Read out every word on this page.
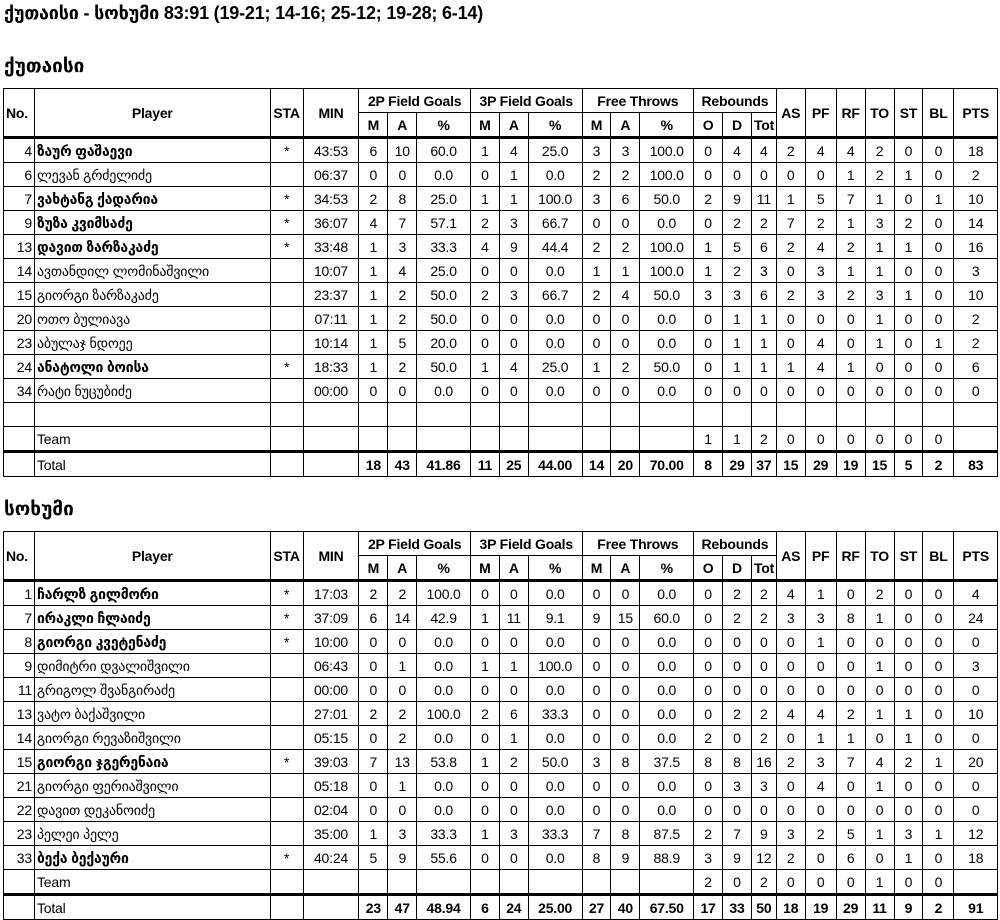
ქუთაისი - სოხუმი 83:91 (19-21; 14-16; 25-12; 19-28; 6-14)
ქუთაისი
No.	Player	STA	MIN	2P Field Goals			3P Field Goals			Free Throws			Rebounds			AS	PF	RF	TO	ST	BL	PTS
				M	A	%	M	A	%	M	A	%	O	D	Tot							
4	ზაურ ფაშაევი	*	43:53	6	10	60.0	1	4	25.0	3	3	100.0	0	4	4	2	4	4	2	0	0	18
6	ლევან გრძელიძე		06:37	0	0	0.0	0	1	0.0	2	2	100.0	0	0	0	0	0	1	2	1	0	2
7	ვახტანგ ქადარია	*	34:53	2	8	25.0	1	1	100.0	3	6	50.0	2	9	11	1	5	7	1	0	1	10
9	ზუზა კვიმსაძე	*	36:07	4	7	57.1	2	3	66.7	0	0	0.0	0	2	2	7	2	1	3	2	0	14
13	დავით ზარზაკაძე	*	33:48	1	3	33.3	4	9	44.4	2	2	100.0	1	5	6	2	4	2	1	1	0	16
14	ავთანდილ ლომინაშვილი		10:07	1	4	25.0	0	0	0.0	1	1	100.0	1	2	3	0	3	1	1	0	0	3
15	გიორგი ზარზაკაძე		23:37	1	2	50.0	2	3	66.7	2	4	50.0	3	3	6	2	3	2	3	1	0	10
20	ოთო ბულიავა		07:11	1	2	50.0	0	0	0.0	0	0	0.0	0	1	1	0	0	0	1	0	0	2
23	აბულაჯ ნდოეე		10:14	1	5	20.0	0	0	0.0	0	0	0.0	0	1	1	0	4	0	1	0	1	2
24	ანატოლი ბოისა	*	18:33	1	2	50.0	1	4	25.0	1	2	50.0	0	1	1	1	4	1	0	0	0	6
34	რატი ნუცუბიძე		00:00	0	0	0.0	0	0	0.0	0	0	0.0	0	0	0	0	0	0	0	0	0	0

	Team												1	1	2	0	0	0	0	0	0	
	Total			18	43	41.86	11	25	44.00	14	20	70.00	8	29	37	15	29	19	15	5	2	83
სოხუმი
No.	Player	STA	MIN	2P Field Goals			3P Field Goals			Free Throws			Rebounds			AS	PF	RF	TO	ST	BL	PTS
				M	A	%	M	A	%	M	A	%	O	D	Tot							
1	ჩარლზ გილმორი	*	17:03	2	2	100.0	0	0	0.0	0	0	0.0	0	2	2	4	1	0	2	0	0	4
7	ირაკლი ჩლაიძე	*	37:09	6	14	42.9	1	11	9.1	9	15	60.0	0	2	2	3	3	8	1	0	0	24
8	გიორგი კვეტენაძე	*	10:00	0	0	0.0	0	0	0.0	0	0	0.0	0	0	0	0	1	0	0	0	0	0
9	დიმიტრი დვალიშვილი		06:43	0	1	0.0	1	1	100.0	0	0	0.0	0	0	0	0	0	0	1	0	0	3
11	გრიგოლ შვანგირაძე		00:00	0	0	0.0	0	0	0.0	0	0	0.0	0	0	0	0	0	0	0	0	0	0
13	ვატო ბაქაშვილი		27:01	2	2	100.0	2	6	33.3	0	0	0.0	0	2	2	4	4	2	1	1	0	10
14	გიორგი რევაზიშვილი		05:15	0	2	0.0	0	1	0.0	0	0	0.0	2	0	2	0	1	1	0	1	0	0
15	გიორგი ჯგერენაია	*	39:03	7	13	53.8	1	2	50.0	3	8	37.5	8	8	16	2	3	7	4	2	1	20
21	გიორგი ფერიაშვილი		05:18	0	1	0.0	0	0	0.0	0	0	0.0	0	3	3	0	4	0	1	0	0	0
22	დავით დეკანოიძე		02:04	0	0	0.0	0	0	0.0	0	0	0.0	0	0	0	0	0	0	0	0	0	0
23	პელეი პელე		35:00	1	3	33.3	1	3	33.3	7	8	87.5	2	7	9	3	2	5	1	3	1	12
33	ბექა ბექაური	*	40:24	5	9	55.6	0	0	0.0	8	9	88.9	3	9	12	2	0	6	0	1	0	18
	Team												2	0	2	0	0	0	1	0	0	
	Total			23	47	48.94	6	24	25.00	27	40	67.50	17	33	50	18	19	29	11	9	2	91
